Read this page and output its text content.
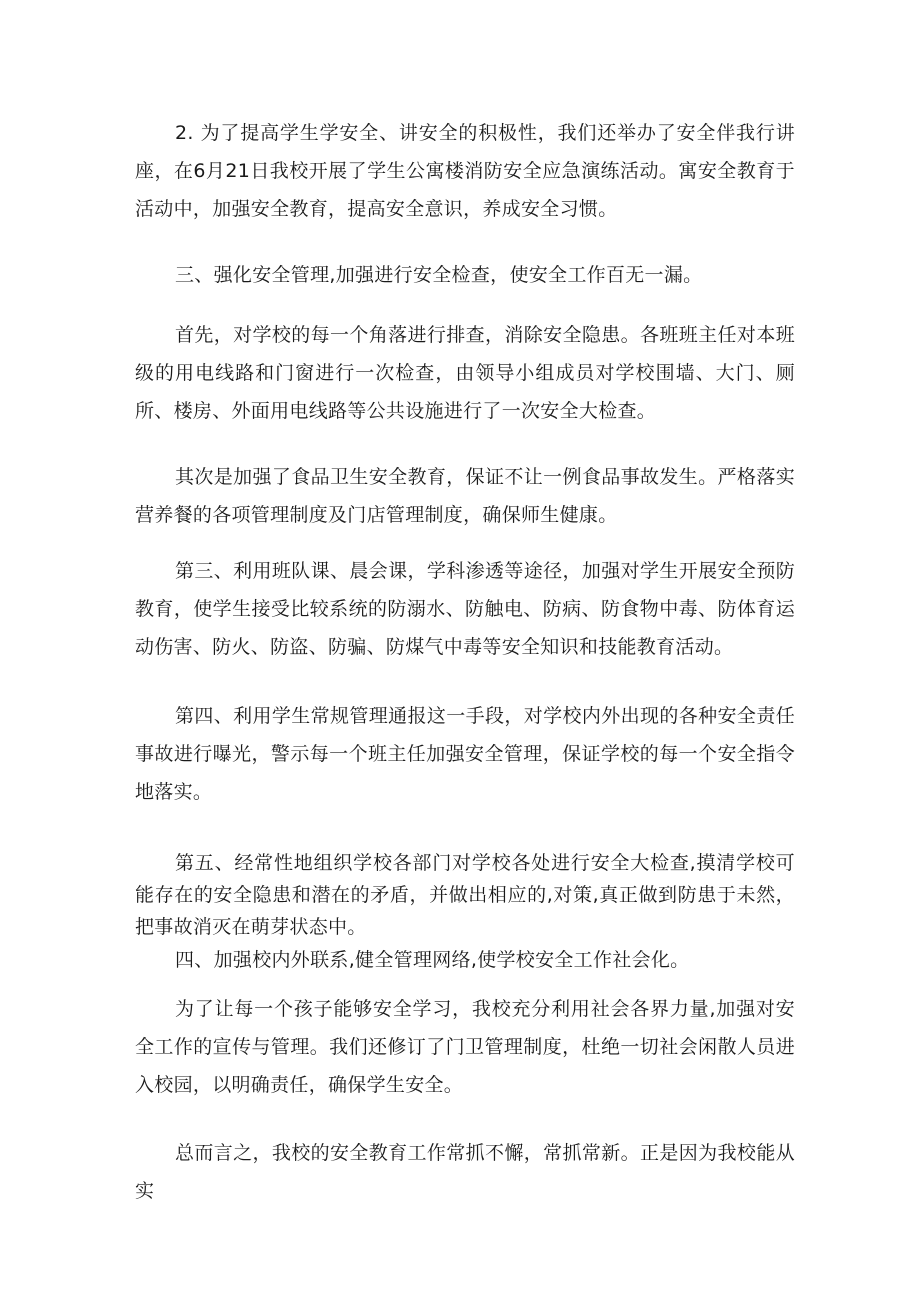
2. 为了提高学生学安全、讲安全的积极性，我们还举办了安全伴我行讲座，在6月21日我校开展了学生公寓楼消防安全应急演练活动。寓安全教育于活动中，加强安全教育，提高安全意识，养成安全习惯。

三、强化安全管理,加强进行安全检查，使安全工作百无一漏。

首先，对学校的每一个角落进行排查，消除安全隐患。各班班主任对本班级的用电线路和门窗进行一次检查，由领导小组成员对学校围墙、大门、厕所、楼房、外面用电线路等公共设施进行了一次安全大检查。

其次是加强了食品卫生安全教育，保证不让一例食品事故发生。严格落实营养餐的各项管理制度及门店管理制度，确保师生健康。

第三、利用班队课、晨会课，学科渗透等途径，加强对学生开展安全预防教育，使学生接受比较系统的防溺水、防触电、防病、防食物中毒、防体育运动伤害、防火、防盗、防骗、防煤气中毒等安全知识和技能教育活动。

第四、利用学生常规管理通报这一手段，对学校内外出现的各种安全责任事故进行曝光，警示每一个班主任加强安全管理，保证学校的每一个安全指令地落实。

第五、经常性地组织学校各部门对学校各处进行安全大检查,摸清学校可能存在的安全隐患和潜在的矛盾，并做出相应的,对策,真正做到防患于未然，把事故消灭在萌芽状态中。

四、加强校内外联系,健全管理网络,使学校安全工作社会化。

为了让每一个孩子能够安全学习，我校充分利用社会各界力量,加强对安全工作的宣传与管理。我们还修订了门卫管理制度，杜绝一切社会闲散人员进入校园，以明确责任，确保学生安全。

总而言之，我校的安全教育工作常抓不懈，常抓常新。正是因为我校能从实
